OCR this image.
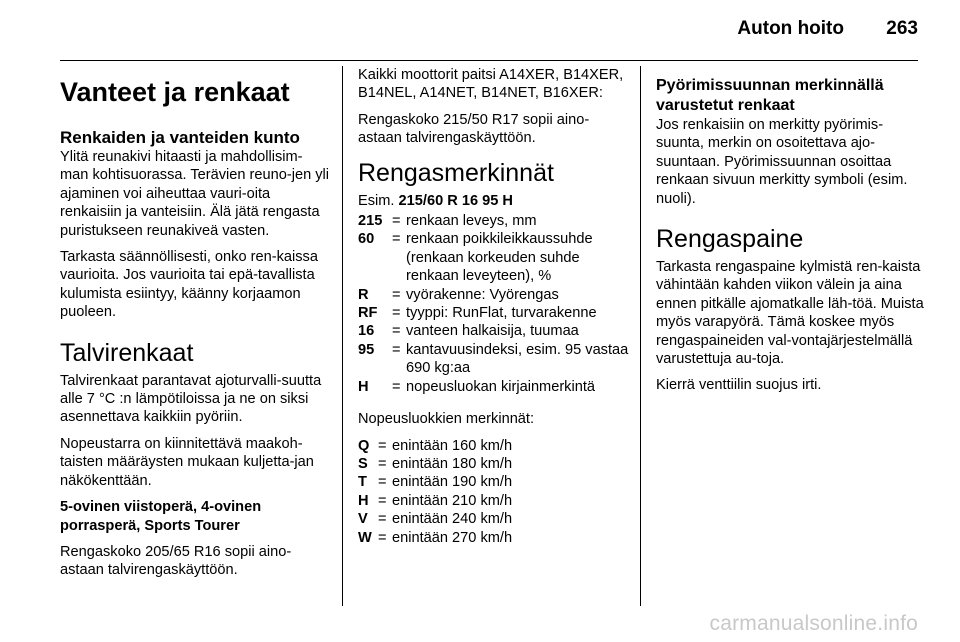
Auton hoito 263
Vanteet ja renkaat
Renkaiden ja vanteiden kunto

Ylitä reunakivi hitaasti ja mahdollisim-man kohtisuorassa. Terävien reuno-jen yli ajaminen voi aiheuttaa vauri-oita renkaisiin ja vanteisiin. Älä jätä rengasta puristukseen reunakiveä vasten.

Tarkasta säännöllisesti, onko ren-kaissa vaurioita. Jos vaurioita tai epä-tavallista kulumista esiintyy, käänny korjaamon puoleen.

Talvirenkaat

Talvirenkaat parantavat ajoturvalli-suutta alle 7 °C :n lämpötiloissa ja ne on siksi asennettava kaikkiin pyöriin.

Nopeustarra on kiinnitettävä maakoh-taisten määräysten mukaan kuljetta-jan näkökenttään.

5-ovinen viistoperä, 4-ovinen porrasperä, Sports Tourer

Rengaskoko 205/65 R16 sopii aino-astaan talvirengaskäyttöön.

Kaikki moottorit paitsi A14XER, B14XER, B14NEL, A14NET, B14NET, B16XER:

Rengaskoko 215/50 R17 sopii aino-astaan talvirengaskäyttöön.

Rengasmerkinnät

Esim. 215/60 R 16 95 H

215 = renkaan leveys, mm
60	= renkaan poikkileikkaussuhde (renkaan korkeuden suhde renkaan leveyteen), %
R	= vyörakenne: Vyörengas
RF = tyyppi: RunFlat, turvarakenne
16	= vanteen halkaisija, tuumaa
95	= kantavuusindeksi, esim. 95 vastaa 690 kg:aa
H	= nopeusluokan kirjainmerkintä

Nopeusluokkien merkinnät:

Q = enintään 160 km/h
S = enintään 180 km/h
T = enintään 190 km/h
H = enintään 210 km/h
V = enintään 240 km/h
W = enintään 270 km/h
Pyörimissuunnan merkinnällä varustetut renkaat

Jos renkaisiin on merkitty pyörimis-suunta, merkin on osoitettava ajo-suuntaan. Pyörimissuunnan osoittaa renkaan sivuun merkitty symboli (esim. nuoli).

Rengaspaine

Tarkasta rengaspaine kylmistä ren-kaista vähintään kahden viikon välein ja aina ennen pitkälle ajomatkalle läh-töä. Muista myös varapyörä. Tämä koskee myös rengaspaineiden val-vontajärjestelmällä varustettuja au-toja.

Kierrä venttiilin suojus irti.

carmanualsonline.info
